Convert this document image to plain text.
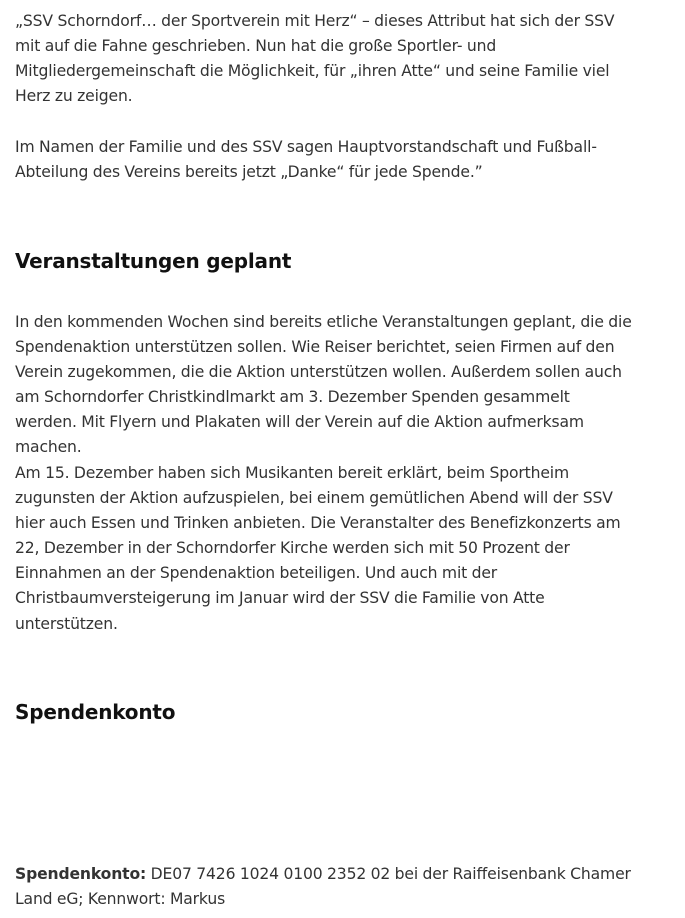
„SSV Schorndorf… der Sportverein mit Herz“ – dieses Attribut hat sich der SSV mit auf die Fahne geschrieben. Nun hat die große Sportler- und Mitgliedergemeinschaft die Möglichkeit, für „ihren Atte“ und seine Familie viel Herz zu zeigen.

Im Namen der Familie und des SSV sagen Hauptvorstandschaft und Fußball-Abteilung des Vereins bereits jetzt „Danke“ für jede Spende.”

Veranstaltungen geplant

In den kommenden Wochen sind bereits etliche Veranstaltungen geplant, die die Spendenaktion unterstützen sollen. Wie Reiser berichtet, seien Firmen auf den Verein zugekommen, die die Aktion unterstützen wollen. Außerdem sollen auch am Schorndorfer Christkindlmarkt am 3. Dezember Spenden gesammelt werden. Mit Flyern und Plakaten will der Verein auf die Aktion aufmerksam machen.

Am 15. Dezember haben sich Musikanten bereit erklärt, beim Sportheim zugunsten der Aktion aufzuspielen, bei einem gemütlichen Abend will der SSV hier auch Essen und Trinken anbieten. Die Veranstalter des Benefizkonzerts am 22, Dezember in der Schorndorfer Kirche werden sich mit 50 Prozent der Einnahmen an der Spendenaktion beteiligen. Und auch mit der Christbaumversteigerung im Januar wird der SSV die Familie von Atte unterstützen.

Spendenkonto

Spendenkonto: DE07 7426 1024 0100 2352 02 bei der Raiffeisenbank Chamer Land eG; Kennwort: Markus
